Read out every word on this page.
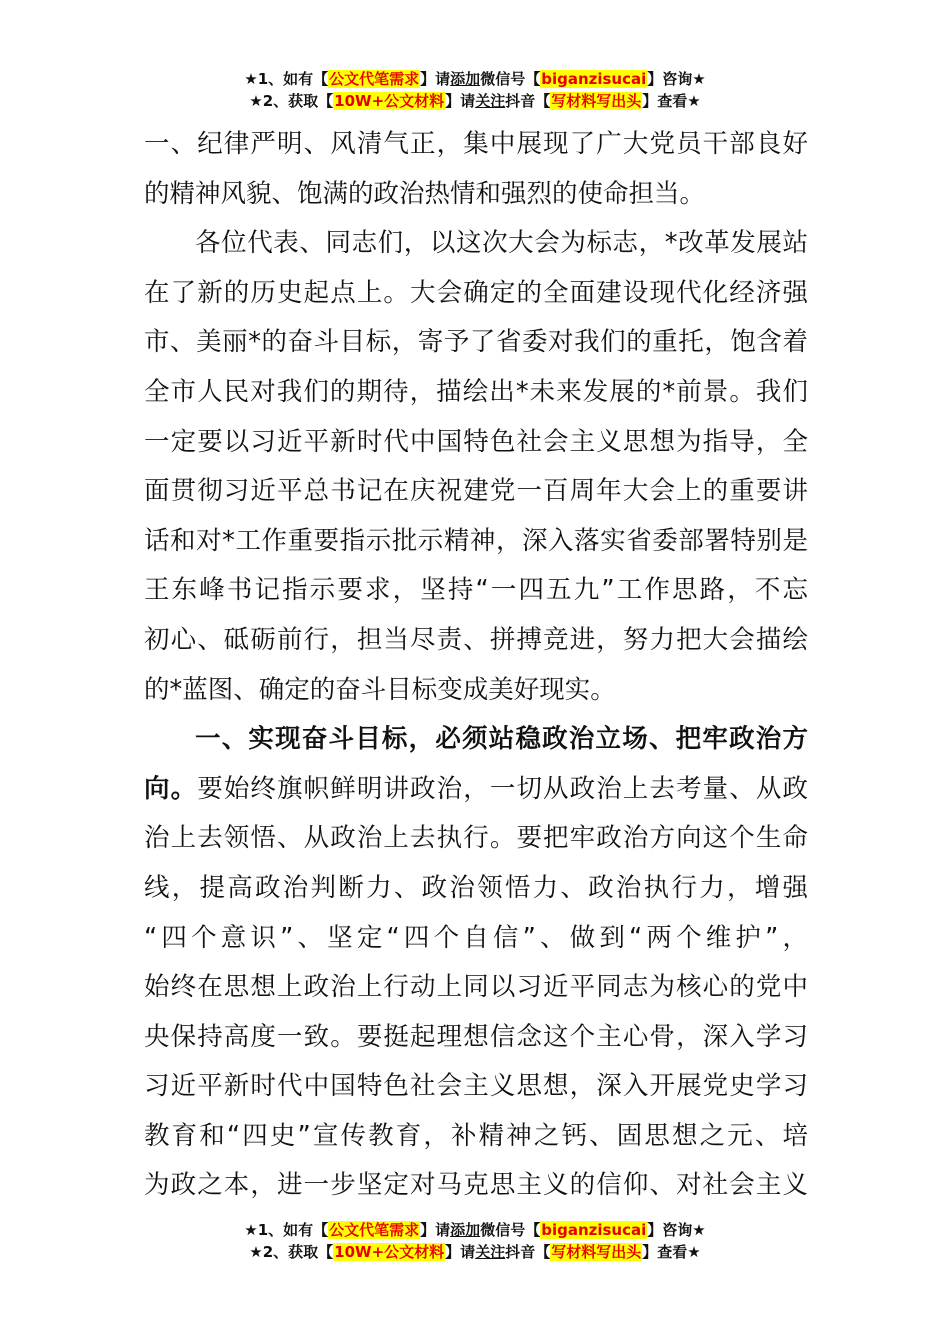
★1、如有【公文代笔需求】请添加微信号【biganzisucai】咨询★
★2、获取【10W+公文材料】请关注抖音【写材料写出头】查看★
一、纪律严明、风清气正，集中展现了广大党员干部良好
的精神风貌、饱满的政治热情和强烈的使命担当。
各位代表、同志们，以这次大会为标志，*改革发展站
在了新的历史起点上。大会确定的全面建设现代化经济强
市、美丽*的奋斗目标，寄予了省委对我们的重托，饱含着
全市人民对我们的期待，描绘出*未来发展的*前景。我们
一定要以习近平新时代中国特色社会主义思想为指导，全
面贯彻习近平总书记在庆祝建党一百周年大会上的重要讲
话和对*工作重要指示批示精神，深入落实省委部署特别是
王东峰书记指示要求，坚持“一四五九”工作思路，不忘
初心、砥砺前行，担当尽责、拼搏竞进，努力把大会描绘
的*蓝图、确定的奋斗目标变成美好现实。
一、实现奋斗目标，必须站稳政治立场、把牢政治方
向。要始终旗帜鲜明讲政治，一切从政治上去考量、从政
治上去领悟、从政治上去执行。要把牢政治方向这个生命
线，提高政治判断力、政治领悟力、政治执行力，增强
“四个意识”、坚定“四个自信”、做到“两个维护”，
始终在思想上政治上行动上同以习近平同志为核心的党中
央保持高度一致。要挺起理想信念这个主心骨，深入学习
习近平新时代中国特色社会主义思想，深入开展党史学习
教育和“四史”宣传教育，补精神之钙、固思想之元、培
为政之本，进一步坚定对马克思主义的信仰、对社会主义
★1、如有【公文代笔需求】请添加微信号【biganzisucai】咨询★
★2、获取【10W+公文材料】请关注抖音【写材料写出头】查看★
